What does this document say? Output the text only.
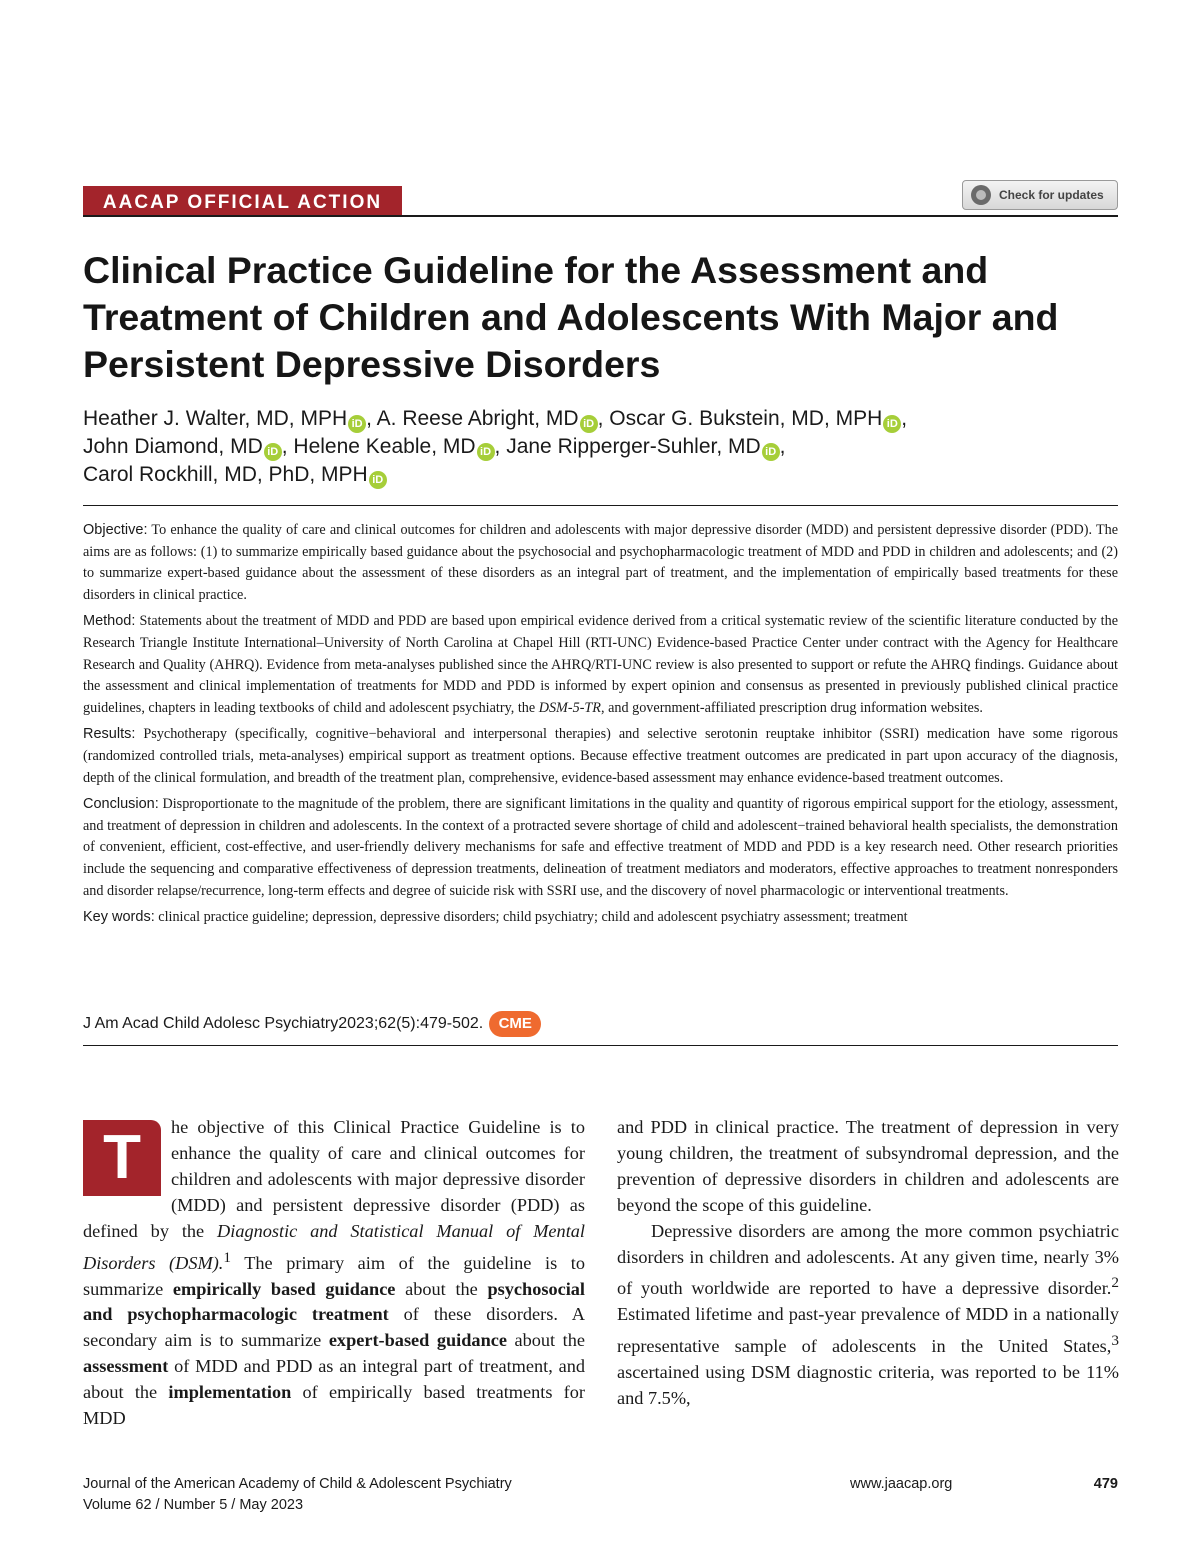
AACAP OFFICIAL ACTION	Check for updates
Clinical Practice Guideline for the Assessment and Treatment of Children and Adolescents With Major and Persistent Depressive Disorders
Heather J. Walter, MD, MPH iD , A. Reese Abright, MD iD , Oscar G. Bukstein, MD, MPH iD ,
John Diamond, MD iD , Helene Keable, MD iD , Jane Ripperger-Suhler, MD iD ,
Carol Rockhill, MD, PhD, MPH iD

Objective: To enhance the quality of care and clinical outcomes for children and adolescents with major depressive disorder (MDD) and persistent depressive disorder (PDD). The aims are as follows: (1) to summarize empirically based guidance about the psychosocial and psychopharmacologic treatment of MDD and PDD in children and adolescents; and (2) to summarize expert-based guidance about the assessment of these disorders as an integral part of treatment, and the implementation of empirically based treatments for these disorders in clinical practice.

Method: Statements about the treatment of MDD and PDD are based upon empirical evidence derived from a critical systematic review of the scientific literature conducted by the Research Triangle Institute International–University of North Carolina at Chapel Hill (RTI-UNC) Evidence-based Practice Center under contract with the Agency for Healthcare Research and Quality (AHRQ). Evidence from meta-analyses published since the AHRQ/RTI-UNC review is also presented to support or refute the AHRQ findings. Guidance about the assessment and clinical implementation of treatments for MDD and PDD is informed by expert opinion and consensus as presented in previously published clinical practice guidelines, chapters in leading textbooks of child and adolescent psychiatry, the DSM-5-TR, and government-affiliated prescription drug information websites.

Results: Psychotherapy (specifically, cognitive−behavioral and interpersonal therapies) and selective serotonin reuptake inhibitor (SSRI) medication have some rigorous (randomized controlled trials, meta-analyses) empirical support as treatment options. Because effective treatment outcomes are predicated in part upon accuracy of the diagnosis, depth of the clinical formulation, and breadth of the treatment plan, comprehensive, evidence-based assessment may enhance evidence-based treatment outcomes.

Conclusion: Disproportionate to the magnitude of the problem, there are significant limitations in the quality and quantity of rigorous empirical support for the etiology, assessment, and treatment of depression in children and adolescents. In the context of a protracted severe shortage of child and adolescent−trained behavioral health specialists, the demonstration of convenient, efficient, cost-effective, and user-friendly delivery mechanisms for safe and effective treatment of MDD and PDD is a key research need. Other research priorities include the sequencing and comparative effectiveness of depression treatments, delineation of treatment mediators and moderators, effective approaches to treatment nonresponders and disorder relapse/recurrence, long-term effects and degree of suicide risk with SSRI use, and the discovery of novel pharmacologic or interventional treatments.

Key words: clinical practice guideline; depression, depressive disorders; child psychiatry; child and adolescent psychiatry assessment; treatment

J Am Acad Child Adolesc Psychiatry 2023;62(5):479-502.	CME

T	he objective of this Clinical Practice Guideline is to enhance the quality of care and clinical outcomes for children and adolescents with major depressive disorder (MDD) and persistent depressive disorder (PDD) as defined by the Diagnostic and Statistical Manual of Mental Disorders (DSM).$^1$ The primary aim of the guideline is to summarize empirically based guidance about the psychosocial and psychopharmacologic treatment of these disorders. A secondary aim is to summarize expert-based guidance about the assessment of MDD and PDD as an integral part of treatment, and about the implementation of empirically based treatments for MDD

and PDD in clinical practice. The treatment of depression in very young children, the treatment of subsyndromal depression, and the prevention of depressive disorders in children and adolescents are beyond the scope of this guideline.

Depressive disorders are among the more common psychiatric disorders in children and adolescents. At any given time, nearly 3% of youth worldwide are reported to have a depressive disorder.$^2$ Estimated lifetime and past-year prevalence of MDD in a nationally representative sample of adolescents in the United States,$^3$ ascertained using DSM diagnostic criteria, was reported to be 11% and 7.5%,

Journal of the American Academy of Child & Adolescent Psychiatry
Volume 62 / Number 5 / May 2023
www.jaacap.org	479
